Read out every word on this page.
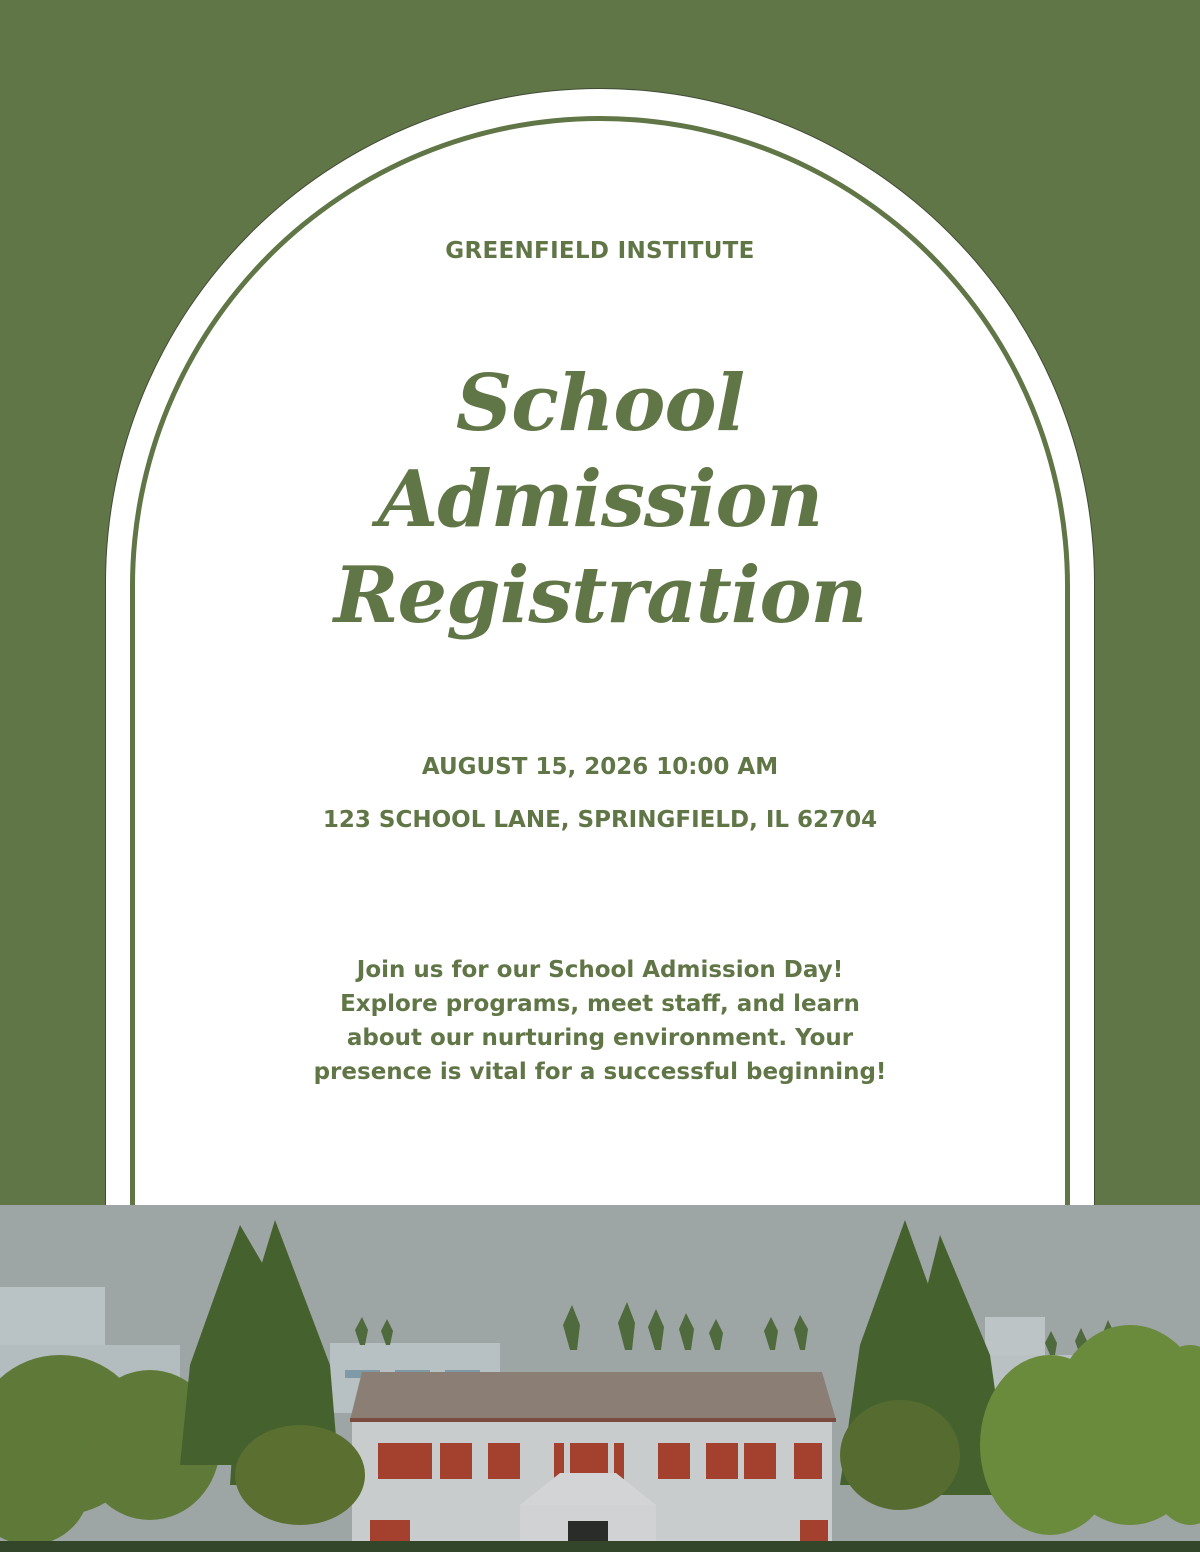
GREENFIELD INSTITUTE
School
Admission
Registration
AUGUST 15, 2026 10:00 AM
123 SCHOOL LANE, SPRINGFIELD, IL 62704
Join us for our School Admission Day!
Explore programs, meet staff, and learn
about our nurturing environment. Your
presence is vital for a successful beginning!
